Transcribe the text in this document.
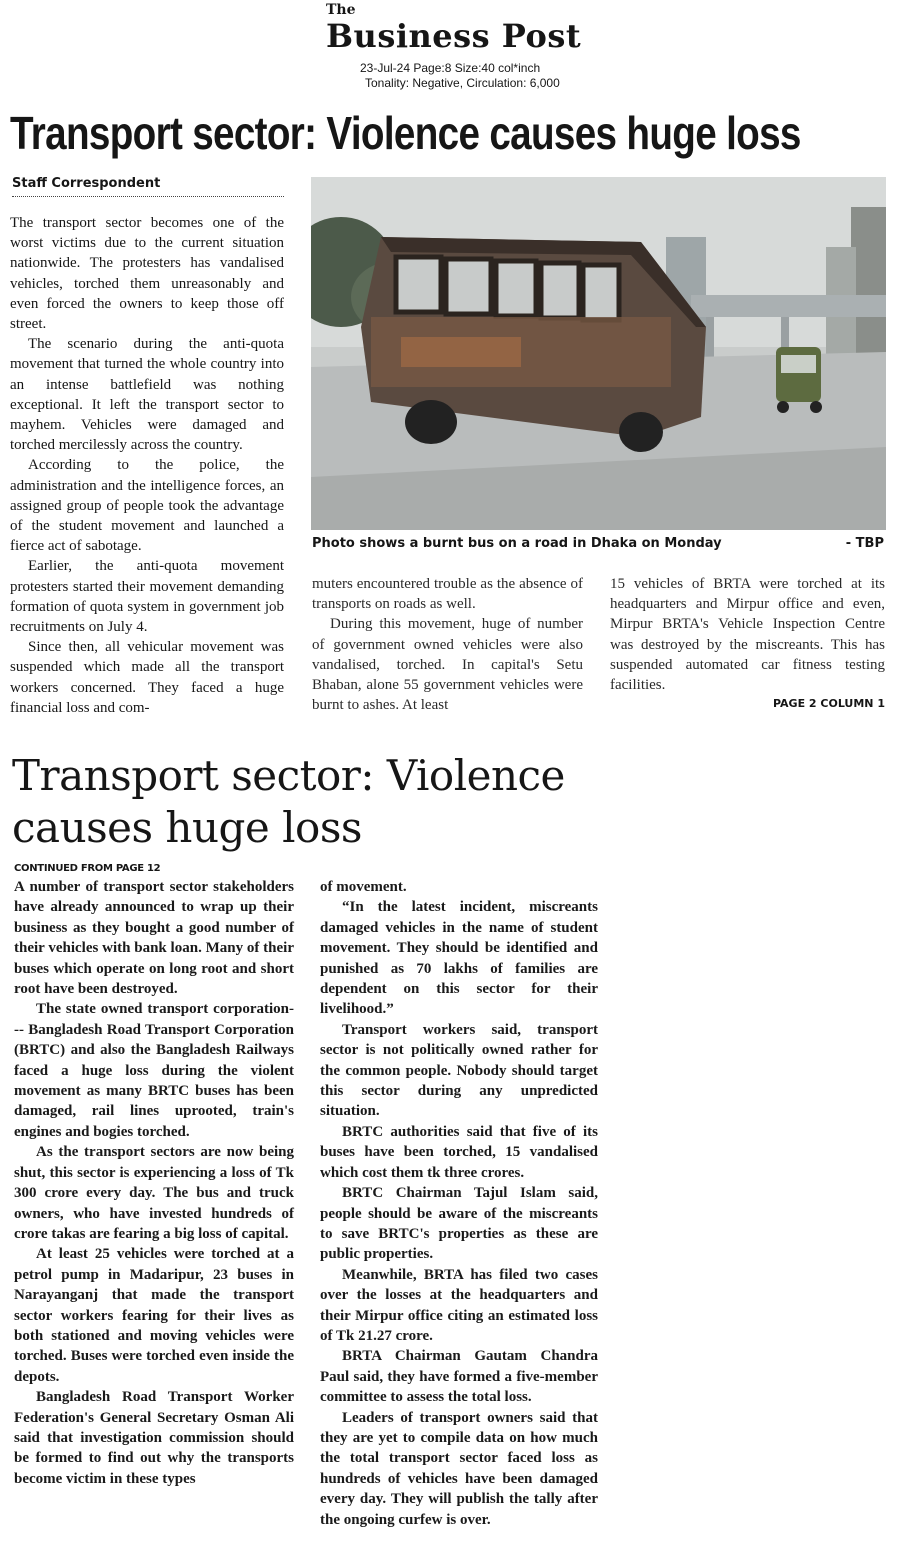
The
Business Post
23-Jul-24 Page:8 Size:40 col*inch
Tonality: Negative, Circulation: 6,000
Transport sector: Violence causes huge loss
Staff Correspondent

The transport sector becomes one of the worst victims due to the current situation nationwide. The protesters has vandalised vehicles, torched them unreasonably and even forced the owners to keep those off street.

The scenario during the anti-quota movement that turned the whole country into an intense battlefield was nothing exceptional. It left the transport sector to mayhem. Vehicles were damaged and torched mercilessly across the country.

According to the police, the administration and the intelligence forces, an assigned group of people took the advantage of the student movement and launched a fierce act of sabotage.

Earlier, the anti-quota movement protesters started their movement demanding formation of quota system in government job recruitments on July 4.

Since then, all vehicular movement was suspended which made all the transport workers concerned. They faced a huge financial loss and com-

Photo shows a burnt bus on a road in Dhaka on Monday	- TBP

muters encountered trouble as the absence of transports on roads as well.

During this movement, huge of number of government owned vehicles were also vandalised, torched. In capital's Setu Bhaban, alone 55 government vehicles were burnt to ashes. At least

15 vehicles of BRTA were torched at its headquarters and Mirpur office and even, Mirpur BRTA's Vehicle Inspection Centre was destroyed by the miscreants. This has suspended automated car fitness testing facilities.

PAGE 2 COLUMN 1
Transport sector: Violence causes huge loss
CONTINUED FROM PAGE 12

A number of transport sector stakeholders have already announced to wrap up their business as they bought a good number of their vehicles with bank loan. Many of their buses which operate on long root and short root have been destroyed.

The state owned transport corporation--- Bangladesh Road Transport Corporation (BRTC) and also the Bangladesh Railways faced a huge loss during the violent movement as many BRTC buses has been damaged, rail lines uprooted, train's engines and bogies torched.

As the transport sectors are now being shut, this sector is experiencing a loss of Tk 300 crore every day. The bus and truck owners, who have invested hundreds of crore takas are fearing a big loss of capital.

At least 25 vehicles were torched at a petrol pump in Madaripur, 23 buses in Narayanganj that made the transport sector workers fearing for their lives as both stationed and moving vehicles were torched. Buses were torched even inside the depots.

Bangladesh Road Transport Worker Federation's General Secretary Osman Ali said that investigation commission should be formed to find out why the transports become victim in these types

of movement.

“In the latest incident, miscreants damaged vehicles in the name of student movement. They should be identified and punished as 70 lakhs of families are dependent on this sector for their livelihood.”

Transport workers said, transport sector is not politically owned rather for the common people. Nobody should target this sector during any unpredicted situation.

BRTC authorities said that five of its buses have been torched, 15 vandalised which cost them tk three crores.

BRTC Chairman Tajul Islam said, people should be aware of the miscreants to save BRTC's properties as these are public properties.

Meanwhile, BRTA has filed two cases over the losses at the headquarters and their Mirpur office citing an estimated loss of Tk 21.27 crore.

BRTA Chairman Gautam Chandra Paul said, they have formed a five-member committee to assess the total loss.

Leaders of transport owners said that they are yet to compile data on how much the total transport sector faced loss as hundreds of vehicles have been damaged every day. They will publish the tally after the ongoing curfew is over.
